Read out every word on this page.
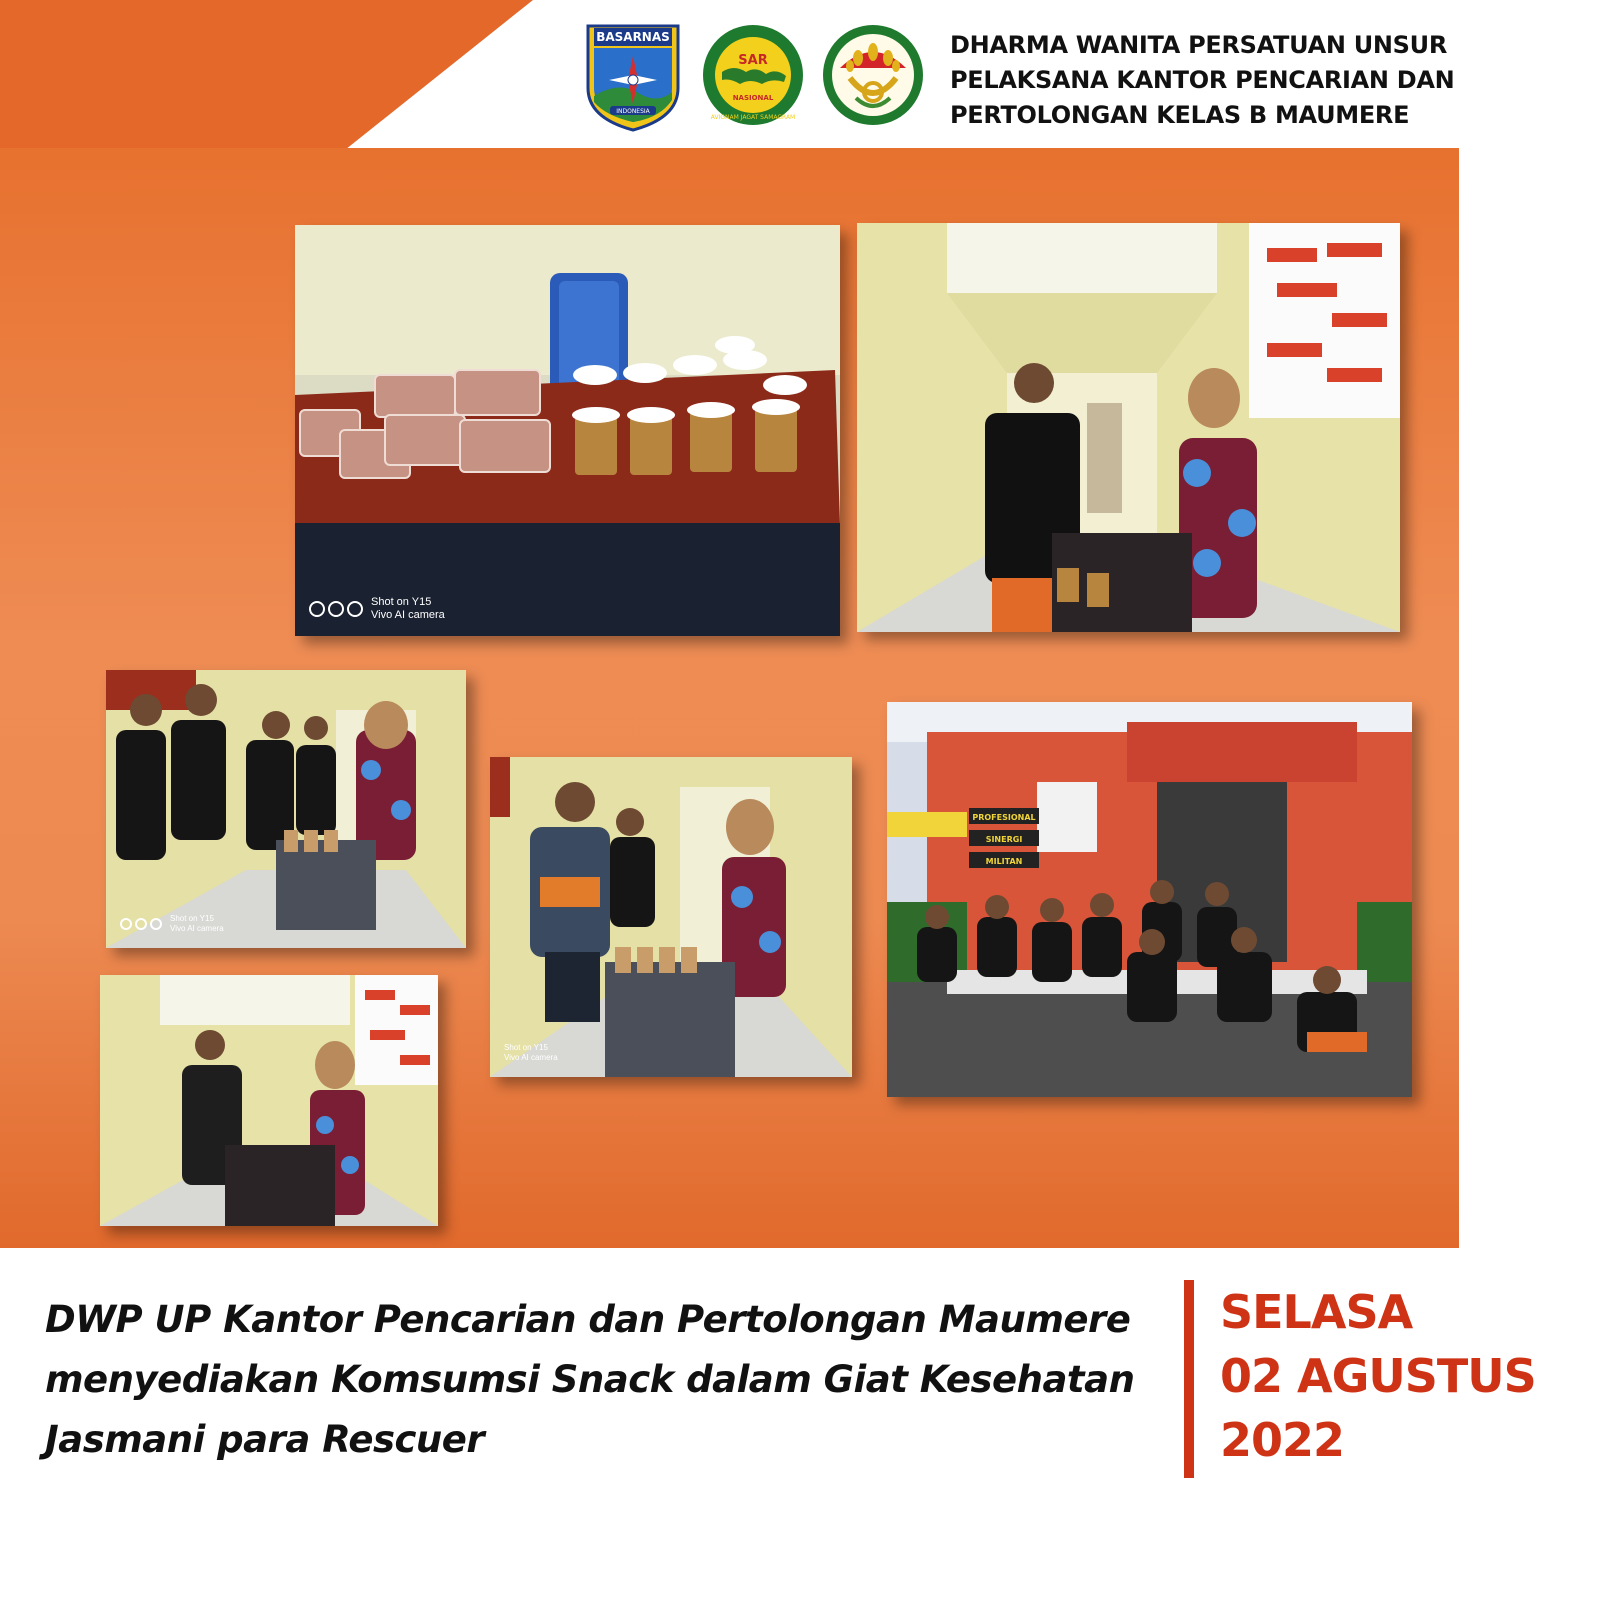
BASARNAS
INDONESIA
SAR
NASIONAL
AVIGNAM JAGAT SAMAGRAM
DHARMA WANITA PERSATUAN UNSUR
PELAKSANA KANTOR PENCARIAN DAN
PERTOLONGAN KELAS B MAUMERE
Shot on Y15
Vivo AI camera
Shot on Y15
Vivo AI camera
Shot on Y15
Vivo AI camera
PROFESIONAL
SINERGI
MILITAN
DWP UP Kantor Pencarian dan Pertolongan Maumere
menyediakan Komsumsi Snack dalam Giat Kesehatan
Jasmani para Rescuer
SELASA
02 AGUSTUS
2022
